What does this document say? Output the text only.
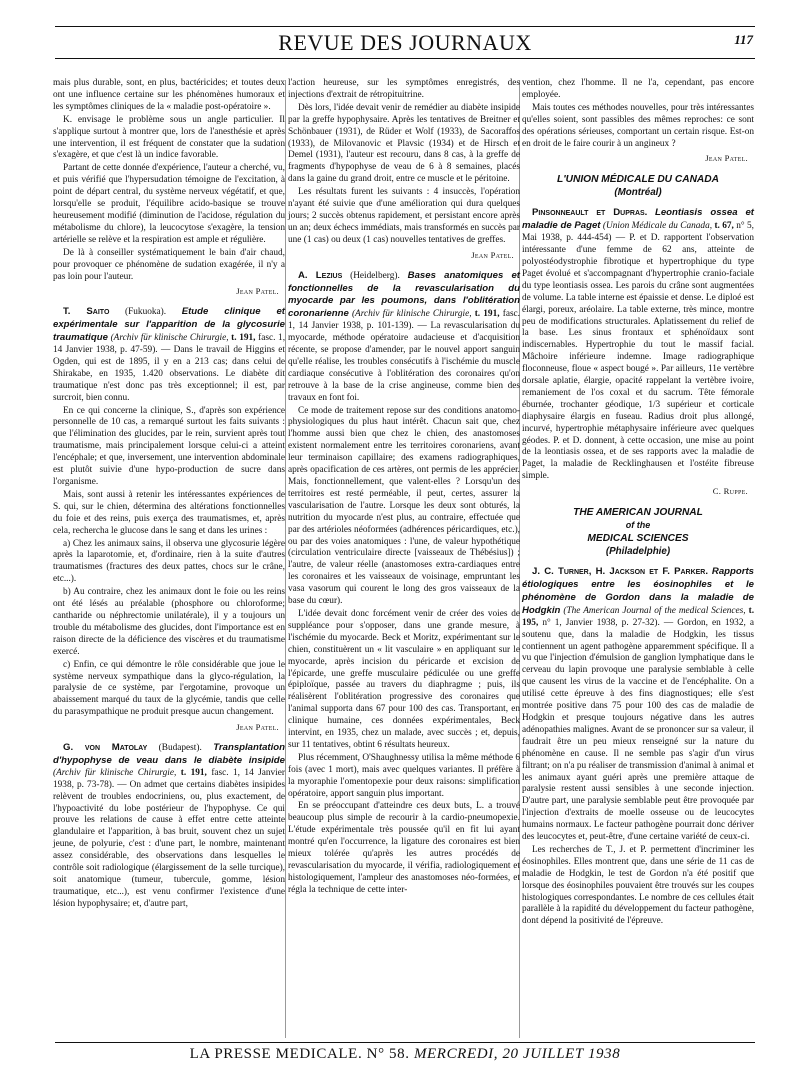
REVUE DES JOURNAUX	117

mais plus durable, sont, en plus, bactéricides; et toutes deux ont une influence certaine sur les phénomènes humoraux et les symptômes cliniques de la « maladie post-opératoire ».

K. envisage le problème sous un angle particulier. Il s'applique surtout à montrer que, lors de l'anesthésie et après une intervention, il est fréquent de constater que la sudation s'exagère, et que c'est là un indice favorable.

Partant de cette donnée d'expérience, l'auteur a cherché, vu, et puis vérifié que l'hypersudation témoigne de l'excitation, à point de départ central, du système nerveux végétatif, et que, lorsqu'elle se produit, l'équilibre acido-basique se trouve heureusement modifié (diminution de l'acidose, régulation du métabolisme du chlore), la leucocytose s'exagère, la tension artérielle se relève et la respiration est ample et régulière.

De là à conseiller systématiquement le bain d'air chaud, pour provoquer ce phénomène de sudation exagérée, il n'y a pas loin pour l'auteur.

Jean Patel.

T. Saito (Fukuoka). Etude clinique et expérimentale sur l'apparition de la glycosurie traumatique (Archiv für klinische Chirurgie, t. 191, fasc. 1, 14 Janvier 1938, p. 47-59). — Dans le travail de Higgins et Ogden, qui est de 1895, il y en a 213 cas; dans celui de Shirakabe, en 1935, 1.420 observations. Le diabète dit traumatique n'est donc pas très exceptionnel; il est, par surcroit, bien connu.

En ce qui concerne la clinique, S., d'après son expérience personnelle de 10 cas, a remarqué surtout les faits suivants : que l'élimination des glucides, par le rein, survient après tout traumatisme, mais principalement lorsque celui-ci a atteint l'encéphale; et que, inversement, une intervention abdominale est plutôt suivie d'une hypo-production de sucre dans l'organisme.

Mais, sont aussi à retenir les intéressantes expériences de S. qui, sur le chien, détermina des altérations fonctionnelles du foie et des reins, puis exerça des traumatismes, et, après cela, rechercha le glucose dans le sang et dans les urines :

a) Chez les animaux sains, il observa une glycosurie légère après la laparotomie, et, d'ordinaire, rien à la suite d'autres traumatismes (fractures des deux pattes, chocs sur le crâne, etc...).

b) Au contraire, chez les animaux dont le foie ou les reins ont été lésés au préalable (phosphore ou chloroforme; cantharide ou néphrectomie unilatérale), il y a toujours un trouble du métabolisme des glucides, dont l'importance est en raison directe de la déficience des viscères et du traumatisme exercé.

c) Enfin, ce qui démontre le rôle considérable que joue le système nerveux sympathique dans la glyco-régulation, la paralysie de ce système, par l'ergotamine, provoque un abaissement marqué du taux de la glycémie, tandis que celle du parasympathique ne produit presque aucun changement.

Jean Patel.

G. von Matolay (Budapest). Transplantation d'hypophyse de veau dans le diabète insipide (Archiv für klinische Chirurgie, t. 191, fasc. 1, 14 Janvier 1938, p. 73-78). — On admet que certains diabètes insipides relèvent de troubles endocriniens, ou, plus exactement, de l'hypoactivité du lobe postérieur de l'hypophyse. Ce qui prouve les relations de cause à effet entre cette atteinte glandulaire et l'apparition, à bas bruit, souvent chez un sujet jeune, de polyurie, c'est : d'une part, le nombre, maintenant assez considérable, des observations dans lesquelles le contrôle soit radiologique (élargissement de la selle turcique), soit anatomique (tumeur, tubercule, gomme, lésion traumatique, etc...), est venu confirmer l'existence d'une lésion hypophysaire; et, d'autre part,

l'action heureuse, sur les symptômes enregistrés, des injections d'extrait de rétropituitrine.

Dès lors, l'idée devait venir de remédier au diabète insipide par la greffe hypophysaire. Après les tentatives de Breitner et Schönbauer (1931), de Rüder et Wolf (1933), de Sacoraffos (1933), de Milovanovic et Plavsic (1934) et de Hirsch et Demel (1931), l'auteur est recouru, dans 8 cas, à la greffe de fragments d'hypophyse de veau de 6 à 8 semaines, placés dans la gaine du grand droit, entre ce muscle et le péritoine.

Les résultats furent les suivants : 4 insuccès, l'opération n'ayant été suivie que d'une amélioration qui dura quelques jours; 2 succès obtenus rapidement, et persistant encore après un an; deux échecs immédiats, mais transformés en succès par une (1 cas) ou deux (1 cas) nouvelles tentatives de greffes.

Jean Patel.

A. Lezius (Heidelberg). Bases anatomiques et fonctionnelles de la revascularisation du myocarde par les poumons, dans l'oblitération coronarienne (Archiv für klinische Chirurgie, t. 191, fasc. 1, 14 Janvier 1938, p. 101-139). — La revascularisation du myocarde, méthode opératoire audacieuse et d'acquisition récente, se propose d'amender, par le nouvel apport sanguin qu'elle réalise, les troubles consécutifs à l'ischémie du muscle cardiaque consécutive à l'oblitération des coronaires qu'on retrouve à la base de la crise angineuse, comme bien des travaux en font foi.

Ce mode de traitement repose sur des conditions anatomo-physiologiques du plus haut intérêt. Chacun sait que, chez l'homme aussi bien que chez le chien, des anastomoses existent normalement entre les territoires coronariens, avant leur terminaison capillaire; des examens radiographiques, après opacification de ces artères, ont permis de les apprécier. Mais, fonctionnellement, que valent-elles ? Lorsqu'un des territoires est resté perméable, il peut, certes, assurer la vascularisation de l'autre. Lorsque les deux sont obturés, la nutrition du myocarde n'est plus, au contraire, effectuée que par des artérioles néoformées (adhérences péricardiques, etc.), ou par des voies anatomiques : l'une, de valeur hypothétique (circulation ventriculaire directe [vaisseaux de Thébésius]) ; l'autre, de valeur réelle (anastomoses extra-cardiaques entre les coronaires et les vaisseaux de voisinage, empruntant les vasa vasorum qui courent le long des gros vaisseaux de la base du cœur).

L'idée devait donc forcément venir de créer des voies de suppléance pour s'opposer, dans une grande mesure, à l'ischémie du myocarde. Beck et Moritz, expérimentant sur le chien, constituèrent un « lit vasculaire » en appliquant sur le myocarde, après incision du péricarde et excision de l'épicarde, une greffe musculaire pédiculée ou une greffe épiploïque, passée au travers du diaphragme ; puis, ils réalisèrent l'oblitération progressive des coronaires que l'animal supporta dans 67 pour 100 des cas. Transportant, en clinique humaine, ces données expérimentales, Beck intervint, en 1935, chez un malade, avec succès ; et, depuis, sur 11 tentatives, obtint 6 résultats heureux.

Plus récemment, O'Shaughnessy utilisa la même méthode 6 fois (avec 1 mort), mais avec quelques variantes. Il préfère à la myoraphie l'omentopexie pour deux raisons: simplification opératoire, apport sanguin plus important.

En se préoccupant d'atteindre ces deux buts, L. a trouvé beaucoup plus simple de recourir à la cardio-pneumopexie. L'étude expérimentale très poussée qu'il en fit lui ayant montré qu'en l'occurrence, la ligature des coronaires est bien mieux tolérée qu'après les autres procédés de revascularisation du myocarde, il vérifia, radiologiquement et histologiquement, l'ampleur des anastomoses néo-formées, et régla la technique de cette inter-

vention, chez l'homme. Il ne l'a, cependant, pas encore employée.

Mais toutes ces méthodes nouvelles, pour très intéressantes qu'elles soient, sont passibles des mêmes reproches: ce sont des opérations sérieuses, comportant un certain risque. Est-on en droit de le faire courir à un angineux ?

Jean Patel.
L'UNION MÉDICALE DU CANADA
(Montréal)

Pinsonneault et Dupras. Leontiasis ossea et maladie de Paget (Union Médicale du Canada, t. 67, n° 5, Mai 1938, p. 444-454) — P. et D. rapportent l'observation intéressante d'une femme de 62 ans, atteinte de polyostéodystrophie fibrotique et hypertrophique du type Paget évolué et s'accompagnant d'hypertrophie cranio-faciale du type leontiasis ossea. Les parois du crâne sont augmentées de volume. La table interne est épaissie et dense. Le diploé est élargi, poreux, aréolaire. La table externe, très mince, montre peu de modifications structurales. Aplatissement du relief de la base. Les sinus frontaux et sphénoïdaux sont indiscernables. Hypertrophie du tout le massif facial. Mâchoire inférieure indemne. Image radiographique floconneuse, floue « aspect bougé ». Par ailleurs, 11e vertèbre dorsale aplatie, élargie, opacité rappelant la vertèbre ivoire, remaniement de l'os coxal et du sacrum. Tête fémorale éburnée, trochanter géodique, 1/3 supérieur et corticale diaphysaire élargis en fuseau. Radius droit plus allongé, incurvé, hypertrophie métaphysaire inférieure avec quelques géodes. P. et D. donnent, à cette occasion, une mise au point de la leontiasis ossea, et de ses rapports avec la maladie de Paget, la maladie de Recklinghausen et l'ostéite fibreuse simple.

C. Ruppe.
THE AMERICAN JOURNAL
of the
MEDICAL SCIENCES
(Philadelphie)

J. C. Turner, H. Jackson et F. Parker. Rapports étiologiques entre les éosinophiles et le phénomène de Gordon dans la maladie de Hodgkin (The American Journal of the medical Sciences, t. 195, n° 1, Janvier 1938, p. 27-32). — Gordon, en 1932, a soutenu que, dans la maladie de Hodgkin, les tissus contiennent un agent pathogène apparemment spécifique. Il a vu que l'injection d'émulsion de ganglion lymphatique dans le cerveau du lapin provoque une paralysie semblable à celle que causent les virus de la vaccine et de l'encéphalite. On a utilisé cette épreuve à des fins diagnostiques; elle s'est montrée positive dans 75 pour 100 des cas de maladie de Hodgkin et presque toujours négative dans les autres adénopathies malignes. Avant de se prononcer sur sa valeur, il faudrait être un peu mieux renseigné sur la nature du phénomène en cause. Il ne semble pas s'agir d'un virus filtrant; on n'a pu réaliser de transmission d'animal à animal et les animaux ayant guéri après une première attaque de paralysie restent aussi sensibles à une seconde injection. D'autre part, une paralysie semblable peut être provoquée par l'injection d'extraits de moelle osseuse ou de leucocytes humains normaux. Le facteur pathogène pourrait donc dériver des leucocytes et, peut-être, d'une certaine variété de ceux-ci.

Les recherches de T., J. et P. permettent d'incriminer les éosinophiles. Elles montrent que, dans une série de 11 cas de maladie de Hodgkin, le test de Gordon n'a été positif que lorsque des éosinophiles pouvaient être trouvés sur les coupes histologiques correspondantes. Le nombre de ces cellules était parallèle à la rapidité du développement du facteur pathogène, dont dépend la positivité de l'épreuve.

LA PRESSE MEDICALE. N° 58. MERCREDI, 20 JUILLET 1938
